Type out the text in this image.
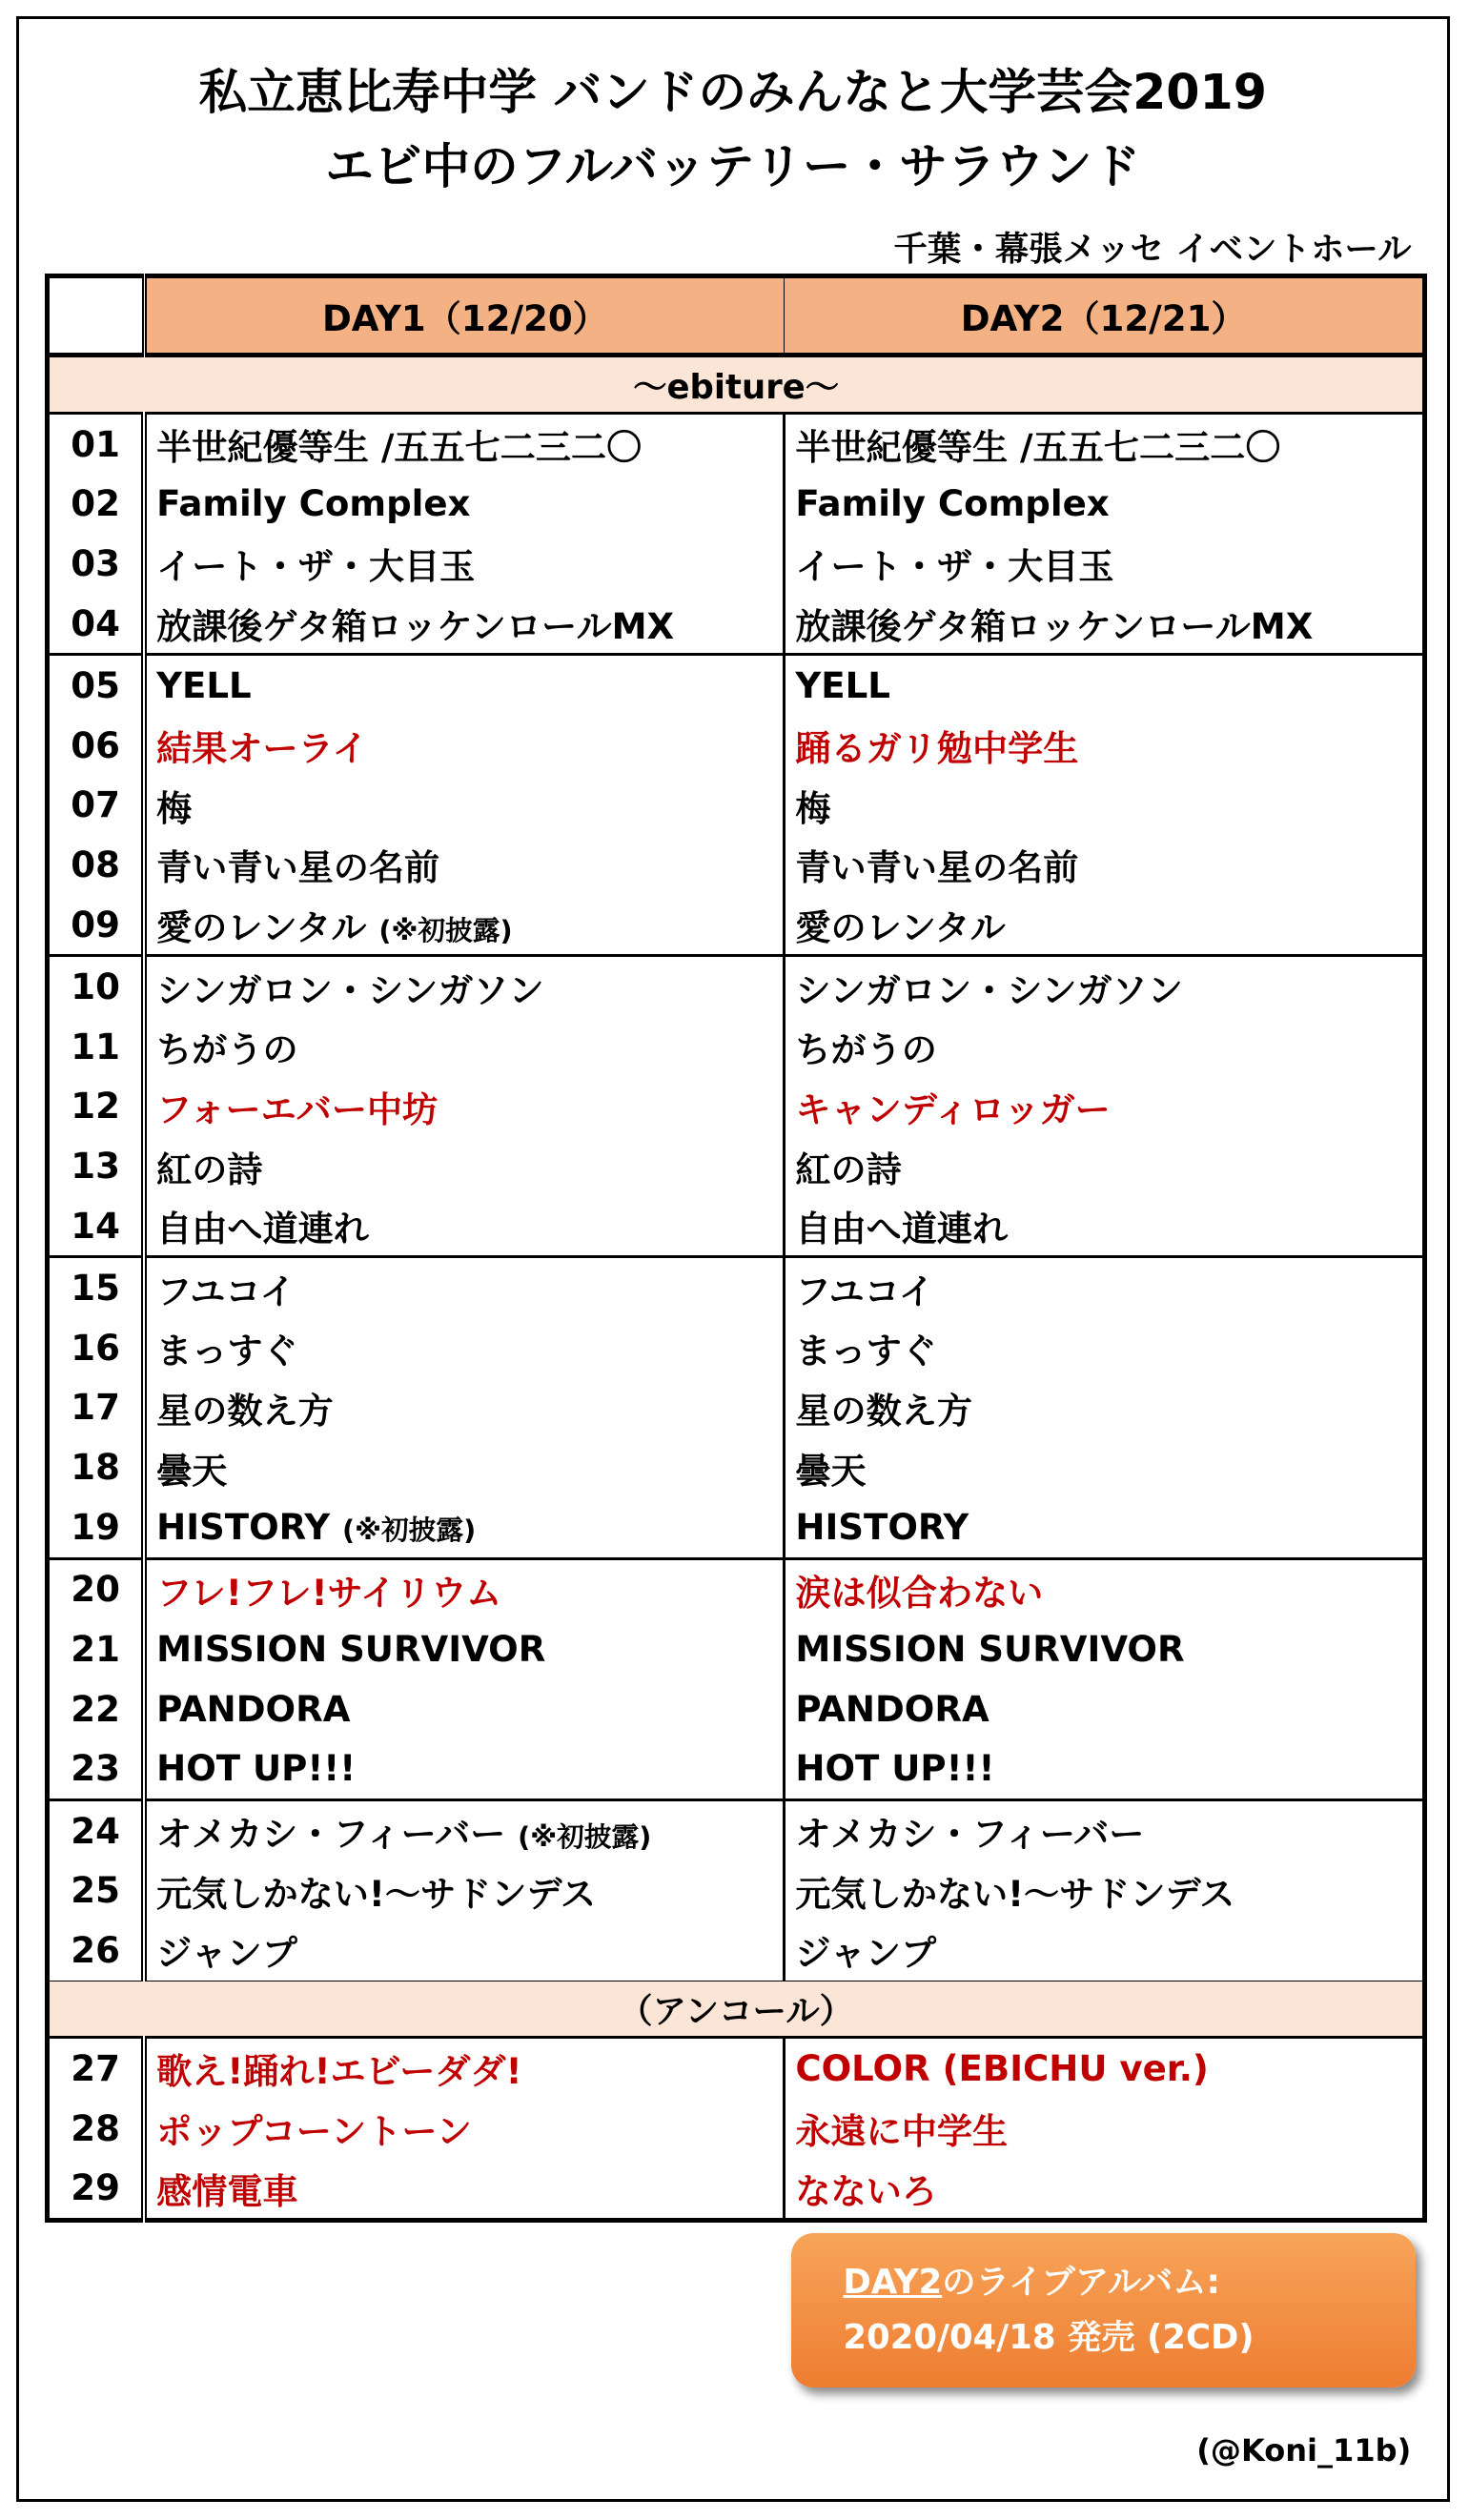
私立恵比寿中学 バンドのみんなと大学芸会2019
エビ中のフルバッテリー・サラウンド
千葉・幕張メッセ イベントホール
	DAY1（12/20）	DAY2（12/21）
～ebiture～		
01	半世紀優等生 /五五七二三二〇	半世紀優等生 /五五七二三二〇
02	Family Complex	Family Complex
03	イート・ザ・大目玉	イート・ザ・大目玉
04	放課後ゲタ箱ロッケンロールMX	放課後ゲタ箱ロッケンロールMX
05	YELL	YELL
06	結果オーライ	踊るガリ勉中学生
07	梅	梅
08	青い青い星の名前	青い青い星の名前
09	愛のレンタル (※初披露)	愛のレンタル
10	シンガロン・シンガソン	シンガロン・シンガソン
11	ちがうの	ちがうの
12	フォーエバー中坊	キャンディロッガー
13	紅の詩	紅の詩
14	自由へ道連れ	自由へ道連れ
15	フユコイ	フユコイ
16	まっすぐ	まっすぐ
17	星の数え方	星の数え方
18	曇天	曇天
19	HISTORY (※初披露)	HISTORY
20	フレ!フレ!サイリウム	涙は似合わない
21	MISSION SURVIVOR	MISSION SURVIVOR
22	PANDORA	PANDORA
23	HOT UP!!!	HOT UP!!!
24	オメカシ・フィーバー (※初披露)	オメカシ・フィーバー
25	元気しかない!～サドンデス	元気しかない!～サドンデス
26	ジャンプ	ジャンプ
（アンコール）		
27	歌え!踊れ!エビーダダ!	COLOR (EBICHU ver.)
28	ポップコーントーン	永遠に中学生
29	感情電車	なないろ
DAY2のライブアルバム:
2020/04/18 発売 (2CD)
(@Koni_11b)
